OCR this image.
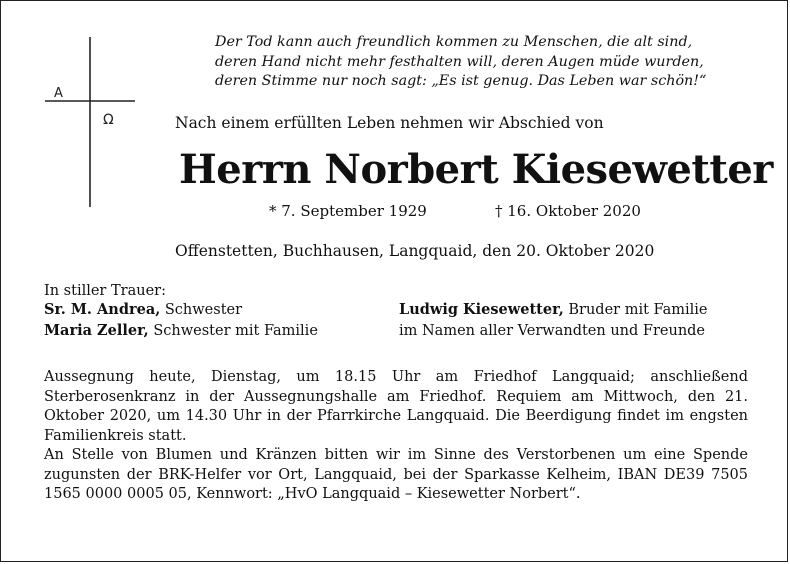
A
Ω
Der Tod kann auch freundlich kommen zu Menschen, die alt sind,
deren Hand nicht mehr festhalten will, deren Augen müde wurden,
deren Stimme nur noch sagt: „Es ist genug. Das Leben war schön!“
Nach einem erfüllten Leben nehmen wir Abschied von
Herrn Norbert Kiesewetter
* 7. September 1929	† 16. Oktober 2020
Offenstetten, Buchhausen, Langquaid, den 20. Oktober 2020
In stiller Trauer:
Sr. M. Andrea, Schwester
Maria Zeller, Schwester mit Familie
Ludwig Kiesewetter, Bruder mit Familie
im Namen aller Verwandten und Freunde

Aussegnung heute, Dienstag, um 18.15 Uhr am Friedhof Langquaid; anschließend Sterberosenkranz in der Aussegnungshalle am Friedhof. Requiem am Mittwoch, den 21. Oktober 2020, um 14.30 Uhr in der Pfarrkirche Langquaid. Die Beerdigung findet im engsten Familienkreis statt.

An Stelle von Blumen und Kränzen bitten wir im Sinne des Verstorbenen um eine Spende zugunsten der BRK-Helfer vor Ort, Langquaid, bei der Sparkasse Kelheim, IBAN DE39 7505 1565 0000 0005 05, Kennwort: „HvO Langquaid – Kiesewetter Norbert“.
